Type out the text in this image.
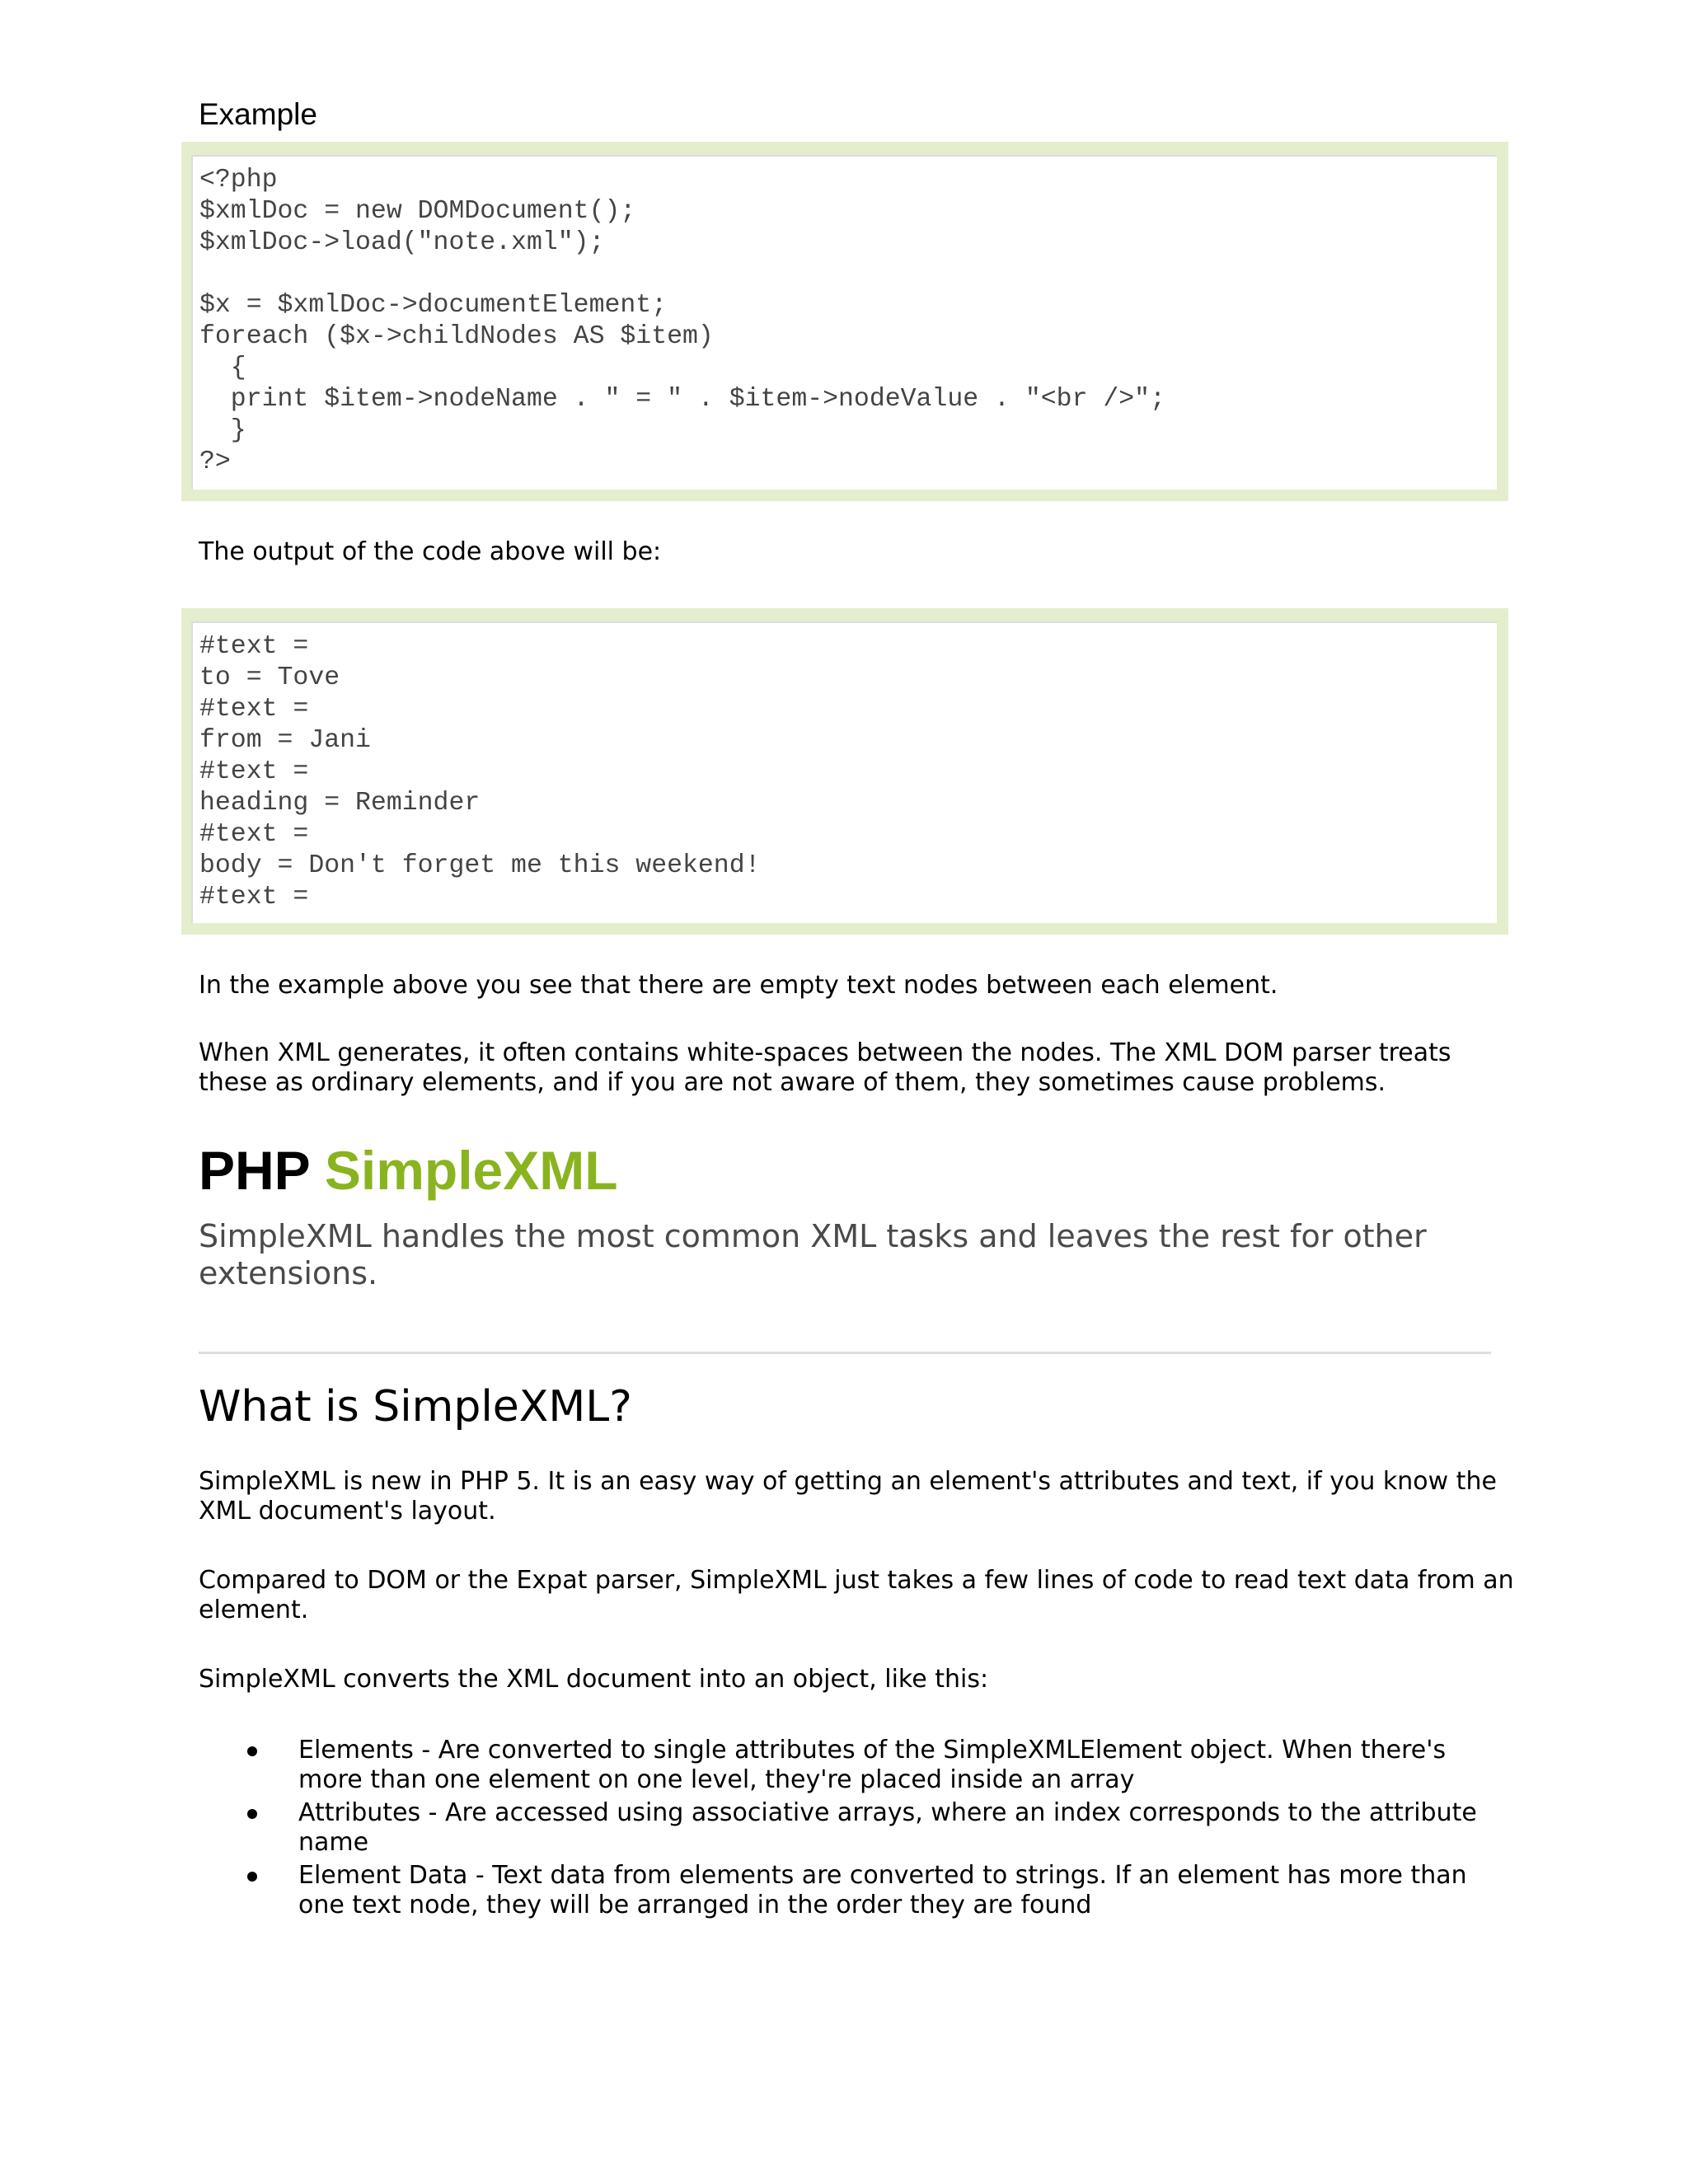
Example

<?php
$xmlDoc = new DOMDocument();
$xmlDoc->load("note.xml");
$x = $xmlDoc->documentElement;
foreach ($x->childNodes AS $item)
{
print $item->nodeName . " = " . $item->nodeValue . "<br />";
}
?>

The output of the code above will be:

#text =
to = Tove
#text =
from = Jani
#text =
heading = Reminder
#text =
body = Don't forget me this weekend!
#text =

In the example above you see that there are empty text nodes between each element.

When XML generates, it often contains white-spaces between the nodes. The XML DOM parser treats these as ordinary elements, and if you are not aware of them, they sometimes cause problems.

PHP SimpleXML

SimpleXML handles the most common XML tasks and leaves the rest for other extensions.

What is SimpleXML?

SimpleXML is new in PHP 5. It is an easy way of getting an element's attributes and text, if you know the XML document's layout.

Compared to DOM or the Expat parser, SimpleXML just takes a few lines of code to read text data from an element.

SimpleXML converts the XML document into an object, like this:

Elements - Are converted to single attributes of the SimpleXMLElement object. When there's more than one element on one level, they're placed inside an array
Attributes - Are accessed using associative arrays, where an index corresponds to the attribute name
Element Data - Text data from elements are converted to strings. If an element has more than one text node, they will be arranged in the order they are found
